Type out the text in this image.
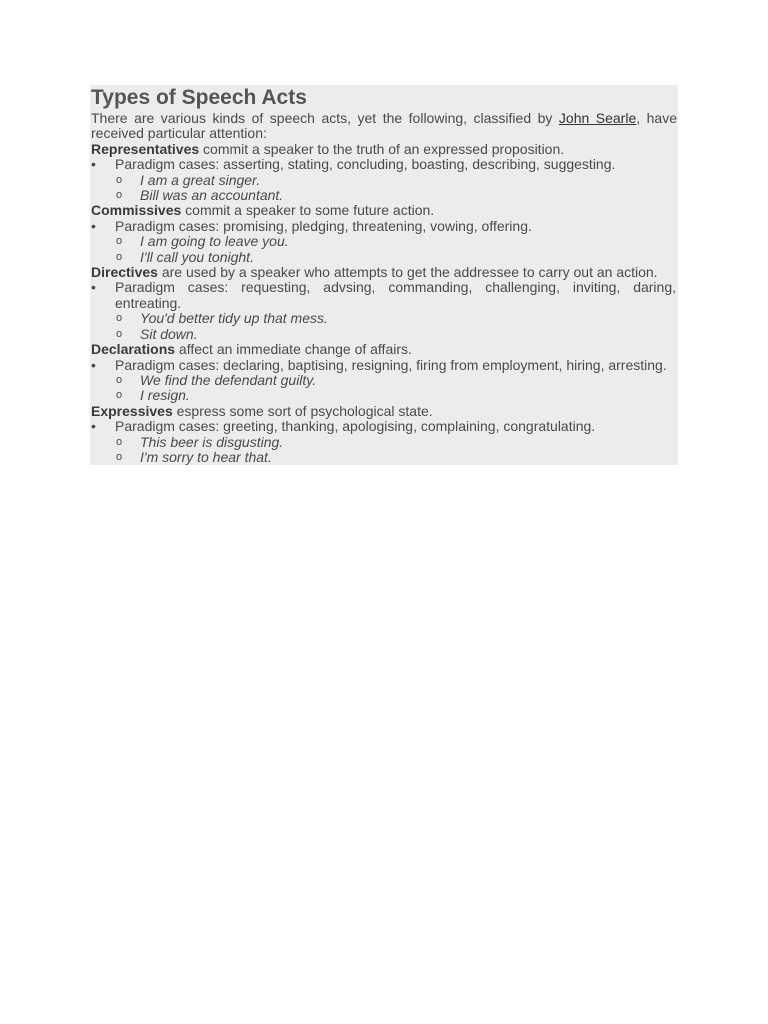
Types of Speech Acts

There are various kinds of speech acts, yet the following, classified by John Searle, have received particular attention:

Representatives commit a speaker to the truth of an expressed proposition.

• Paradigm cases: asserting, stating, concluding, boasting, describing, suggesting.
o I am a great singer.
o Bill was an accountant.

Commissives commit a speaker to some future action.

• Paradigm cases: promising, pledging, threatening, vowing, offering.
o I am going to leave you.
o I'll call you tonight.

Directives are used by a speaker who attempts to get the addressee to carry out an action.

• Paradigm cases: requesting, advsing, commanding, challenging, inviting, daring, entreating.
o You'd better tidy up that mess.
o Sit down.

Declarations affect an immediate change of affairs.

• Paradigm cases: declaring, baptising, resigning, firing from employment, hiring, arresting.
o We find the defendant guilty.
o I resign.

Expressives espress some sort of psychological state.

• Paradigm cases: greeting, thanking, apologising, complaining, congratulating.
o This beer is disgusting.
o I'm sorry to hear that.
